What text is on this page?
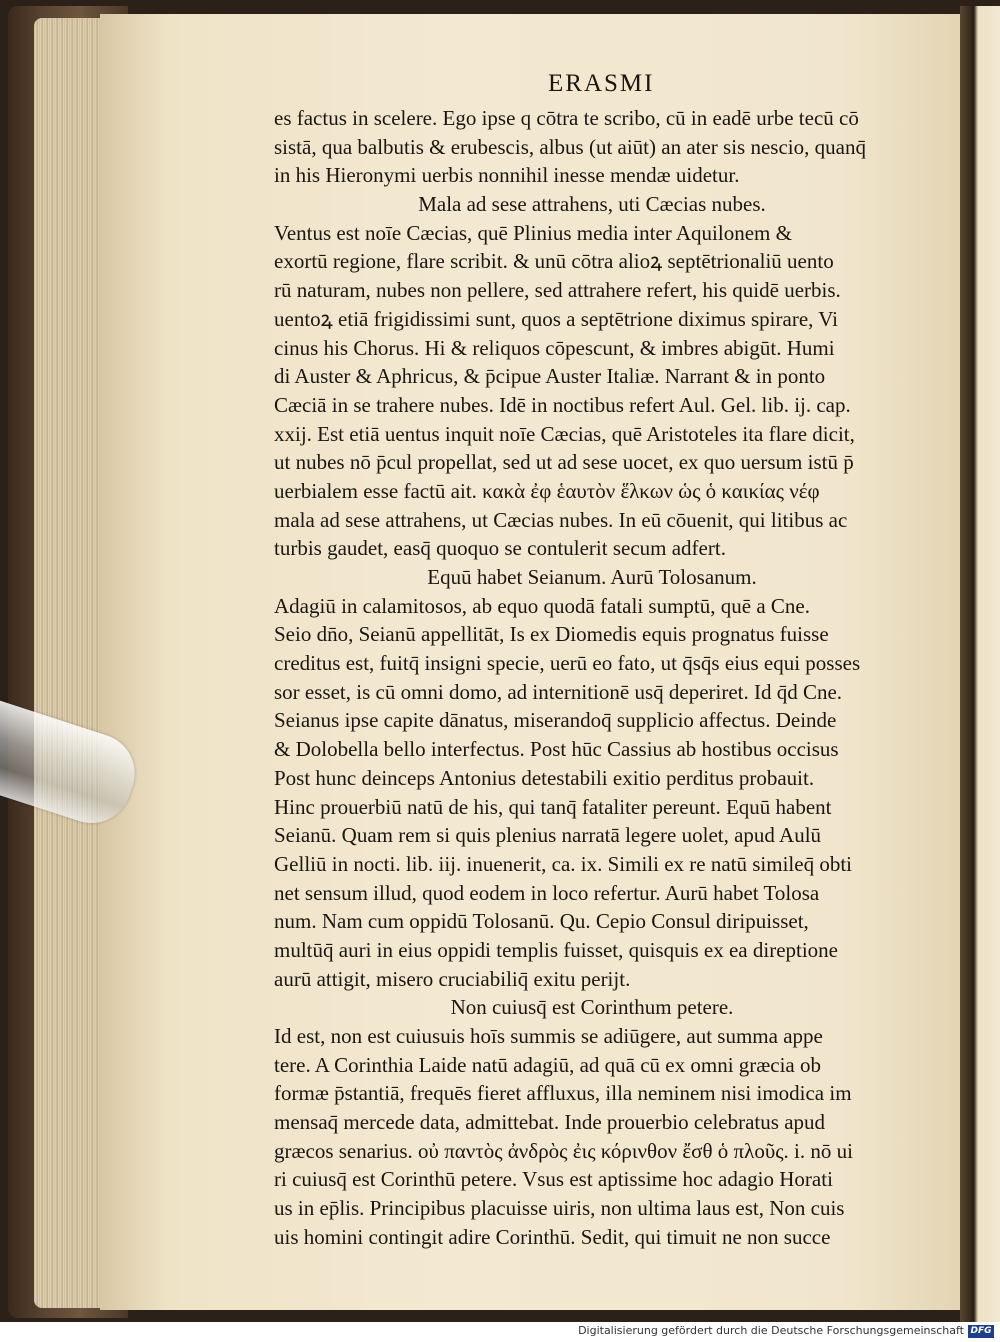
ERASMI
es factus in scelere. Ego ipse q cōtra te scribo, cū in eadē urbe tecū cō
sistā, qua balbutis & erubescis, albus (ut aiūt) an ater sis nescio, quanq̄
in his Hieronymi uerbis nonnihil inesse mendæ uidetur.
Mala ad sese attrahens, uti Cæcias nubes.
Ventus est noīe Cæcias, quē Plinius media inter Aquilonem &
exortū regione, flare scribit. & unū cōtra alioꝝ septētrionaliū uento
rū naturam, nubes non pellere, sed attrahere refert, his quidē uerbis.
uentoꝝ etiā frigidissimi sunt, quos a septētrione diximus spirare, Vi
cinus his Chorus. Hi & reliquos cōpescunt, & imbres abigūt. Humi
di Auster & Aphricus, & p̄cipue Auster Italiæ. Narrant & in ponto
Cæciā in se trahere nubes. Idē in noctibus refert Aul. Gel. lib. ij. cap.
xxij. Est etiā uentus inquit noīe Cæcias, quē Aristoteles ita flare dicit,
ut nubes nō p̄cul propellat, sed ut ad sese uocet, ex quo uersum istū p̄
uerbialem esse factū ait. κακὰ ἐφ ἑαυτὸν ἕλκων ὡς ὁ καικίας νέφ
mala ad sese attrahens, ut Cæcias nubes. In eū cōuenit, qui litibus ac
turbis gaudet, easq̄ quoquo se contulerit secum adfert.
Equū habet Seianum. Aurū Tolosanum.
Adagiū in calamitosos, ab equo quodā fatali sumptū, quē a Cne.
Seio dn̄o, Seianū appellitāt, Is ex Diomedis equis prognatus fuisse
creditus est, fuitq̄ insigni specie, uerū eo fato, ut q̄sq̄s eius equi posses
sor esset, is cū omni domo, ad internitionē usq̄ deperiret. Id q̄d Cne.
Seianus ipse capite dānatus, miserandoq̄ supplicio affectus. Deinde
& Dolobella bello interfectus. Post hūc Cassius ab hostibus occisus
Post hunc deinceps Antonius detestabili exitio perditus probauit.
Hinc prouerbiū natū de his, qui tanq̄ fataliter pereunt. Equū habent
Seianū. Quam rem si quis plenius narratā legere uolet, apud Aulū
Gelliū in nocti. lib. iij. inuenerit, ca. ix. Simili ex re natū simileq̄ obti
net sensum illud, quod eodem in loco refertur. Aurū habet Tolosa
num. Nam cum oppidū Tolosanū. Qu. Cepio Consul diripuisset,
multūq̄ auri in eius oppidi templis fuisset, quisquis ex ea direptione
aurū attigit, misero cruciabiliq̄ exitu perijt.
Non cuiusq̄ est Corinthum petere.
Id est, non est cuiusuis hoīs summis se adiūgere, aut summa appe
tere. A Corinthia Laide natū adagiū, ad quā cū ex omni græcia ob
formæ p̄stantiā, frequēs fieret affluxus, illa neminem nisi imodica im
mensaq̄ mercede data, admittebat. Inde prouerbio celebratus apud
græcos senarius. οὐ παντὸς ἀνδρὸς ἐις κόρινθον ἔσθ ὁ πλοῦς. i. nō ui
ri cuiusq̄ est Corinthū petere. Vsus est aptissime hoc adagio Horati
us in ep̄lis. Principibus placuisse uiris, non ultima laus est, Non cuis
uis homini contingit adire Corinthū. Sedit, qui timuit ne non succe
Digitalisierung gefördert durch die Deutsche Forschungsgemeinschaft DFG
